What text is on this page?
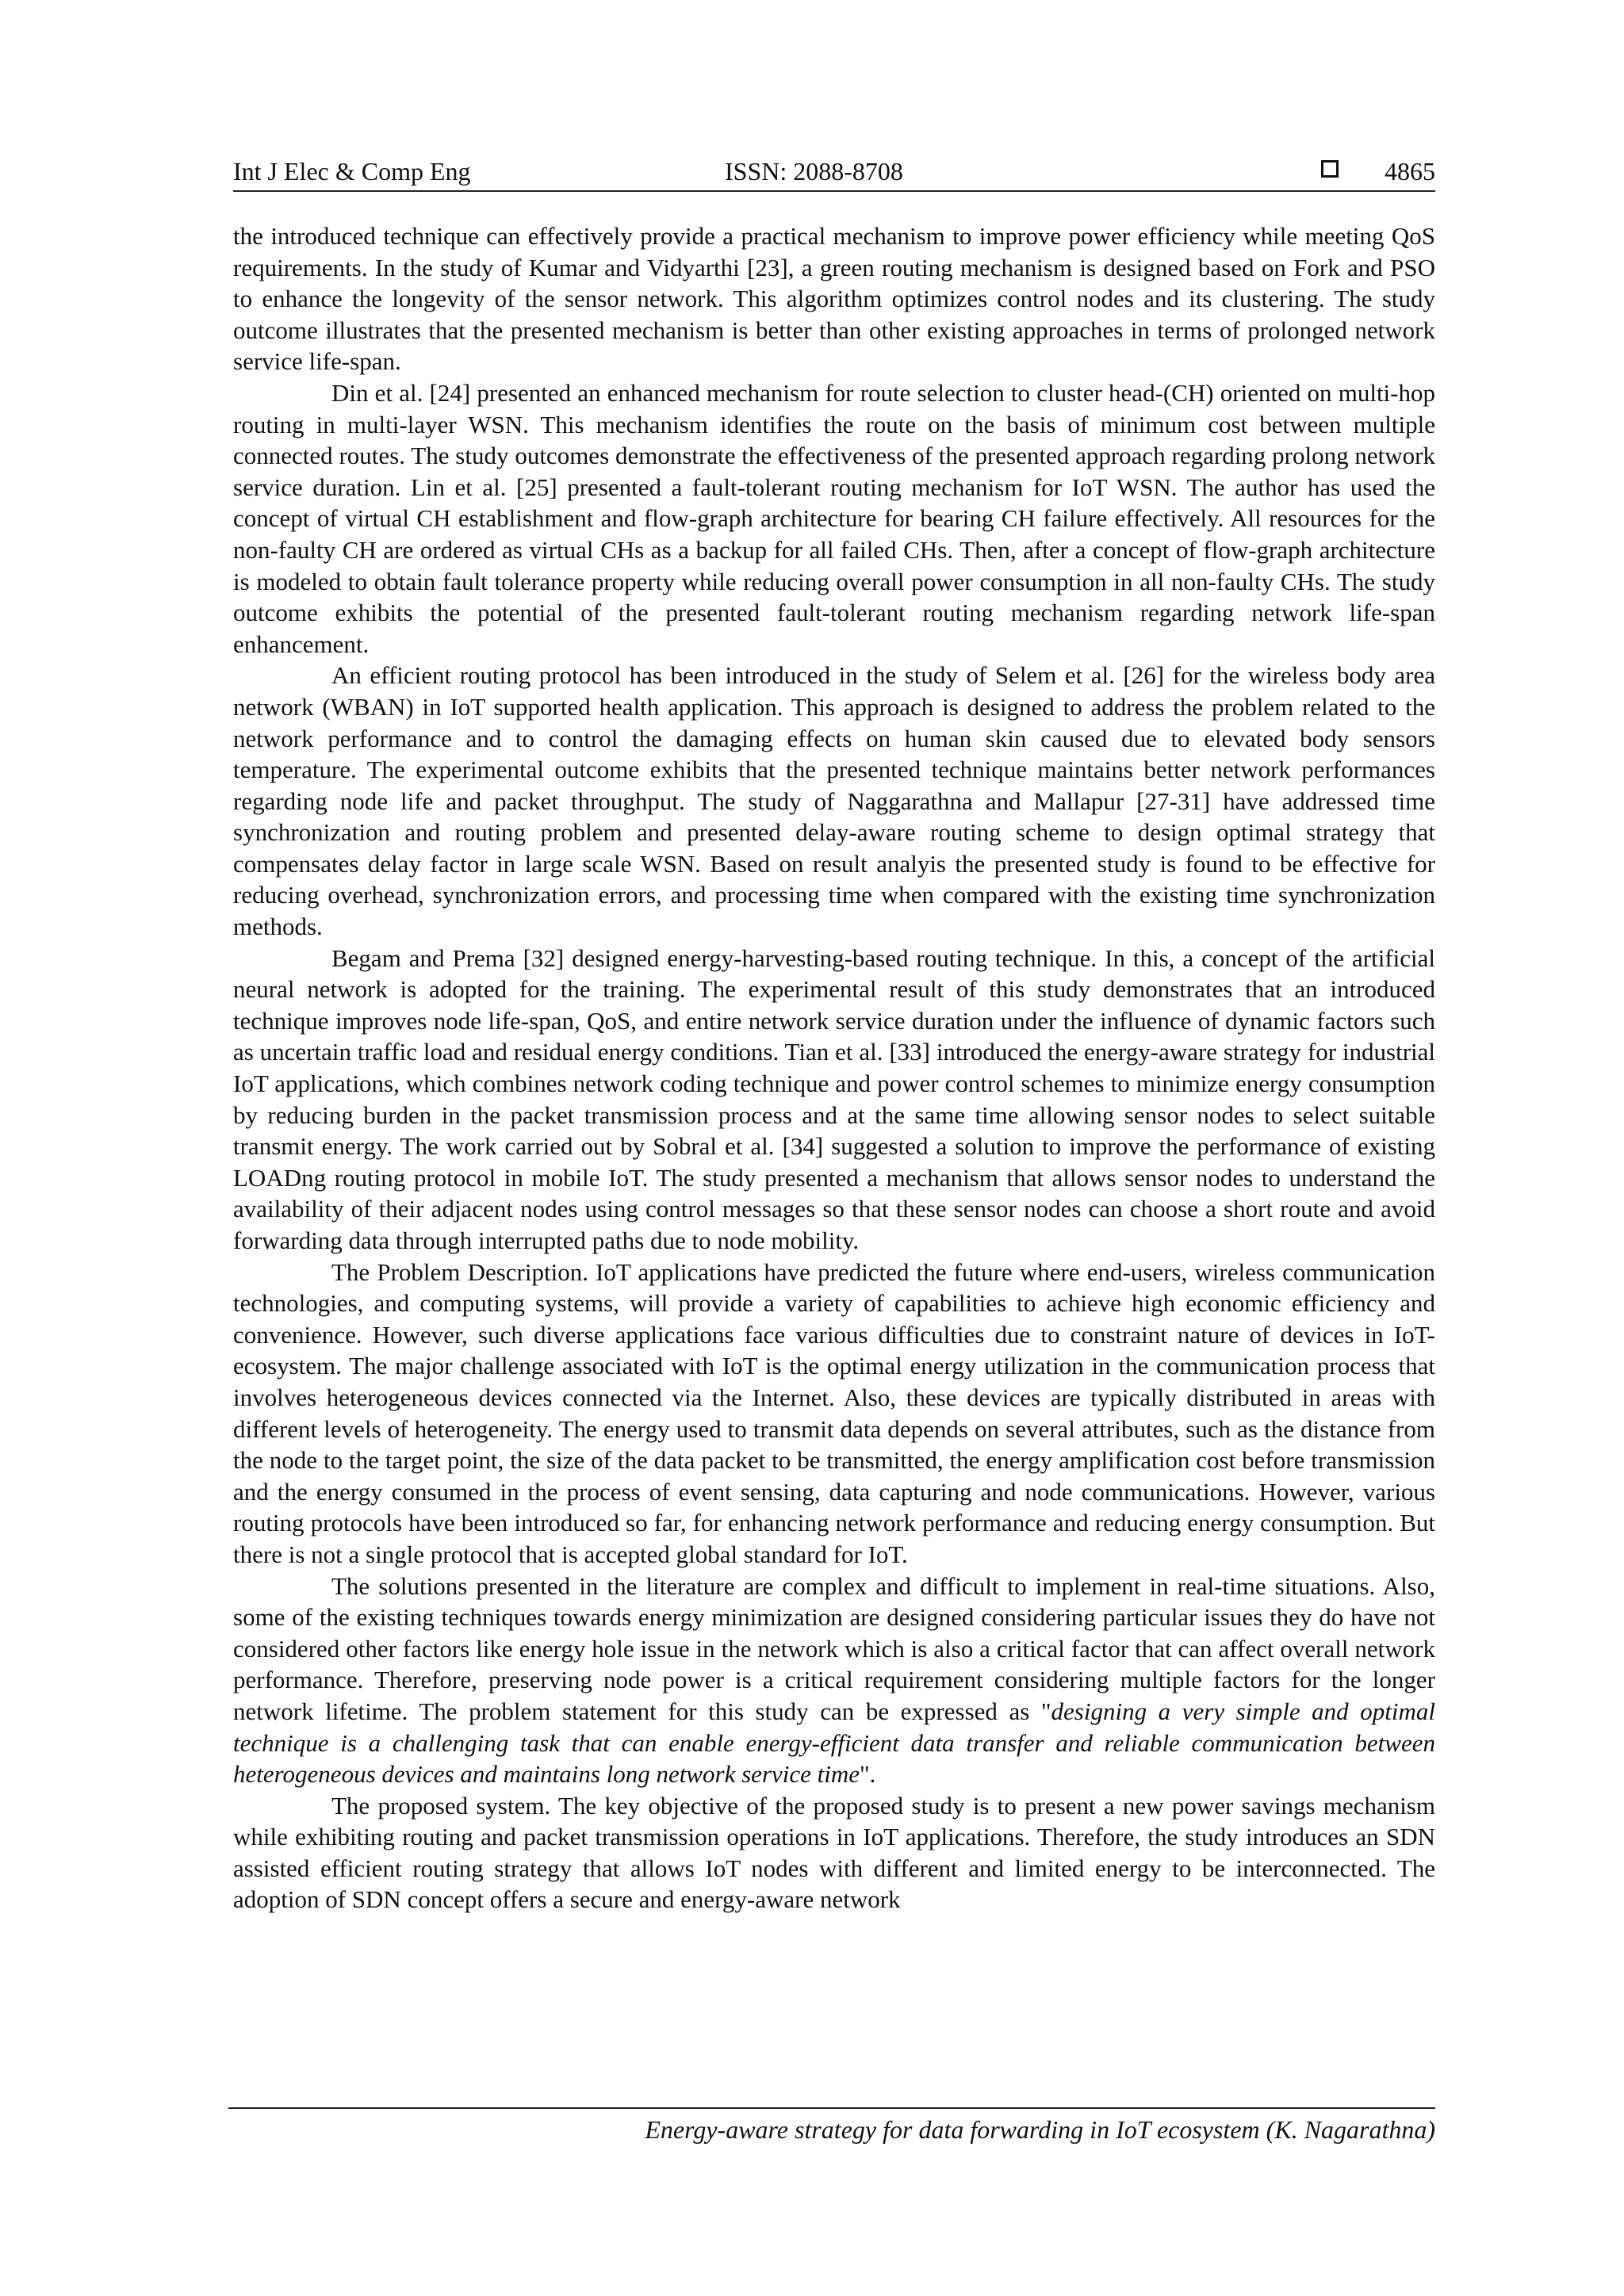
Int J Elec & Comp Eng	ISSN: 2088-8708	4865

the introduced technique can effectively provide a practical mechanism to improve power efficiency while meeting QoS requirements. In the study of Kumar and Vidyarthi [23], a green routing mechanism is designed based on Fork and PSO to enhance the longevity of the sensor network. This algorithm optimizes control nodes and its clustering. The study outcome illustrates that the presented mechanism is better than other existing approaches in terms of prolonged network service life-span.

Din et al. [24] presented an enhanced mechanism for route selection to cluster head-(CH) oriented on multi-hop routing in multi-layer WSN. This mechanism identifies the route on the basis of minimum cost between multiple connected routes. The study outcomes demonstrate the effectiveness of the presented approach regarding prolong network service duration. Lin et al. [25] presented a fault-tolerant routing mechanism for IoT WSN. The author has used the concept of virtual CH establishment and flow-graph architecture for bearing CH failure effectively. All resources for the non-faulty CH are ordered as virtual CHs as a backup for all failed CHs. Then, after a concept of flow-graph architecture is modeled to obtain fault tolerance property while reducing overall power consumption in all non-faulty CHs. The study outcome exhibits the potential of the presented fault-tolerant routing mechanism regarding network life-span enhancement.

An efficient routing protocol has been introduced in the study of Selem et al. [26] for the wireless body area network (WBAN) in IoT supported health application. This approach is designed to address the problem related to the network performance and to control the damaging effects on human skin caused due to elevated body sensors temperature. The experimental outcome exhibits that the presented technique maintains better network performances regarding node life and packet throughput. The study of Naggarathna and Mallapur [27-31] have addressed time synchronization and routing problem and presented delay-aware routing scheme to design optimal strategy that compensates delay factor in large scale WSN. Based on result analyis the presented study is found to be effective for reducing overhead, synchronization errors, and processing time when compared with the existing time synchronization methods.

Begam and Prema [32] designed energy-harvesting-based routing technique. In this, a concept of the artificial neural network is adopted for the training. The experimental result of this study demonstrates that an introduced technique improves node life-span, QoS, and entire network service duration under the influence of dynamic factors such as uncertain traffic load and residual energy conditions. Tian et al. [33] introduced the energy-aware strategy for industrial IoT applications, which combines network coding technique and power control schemes to minimize energy consumption by reducing burden in the packet transmission process and at the same time allowing sensor nodes to select suitable transmit energy. The work carried out by Sobral et al. [34] suggested a solution to improve the performance of existing LOADng routing protocol in mobile IoT. The study presented a mechanism that allows sensor nodes to understand the availability of their adjacent nodes using control messages so that these sensor nodes can choose a short route and avoid forwarding data through interrupted paths due to node mobility.

The Problem Description. IoT applications have predicted the future where end-users, wireless communication technologies, and computing systems, will provide a variety of capabilities to achieve high economic efficiency and convenience. However, such diverse applications face various difficulties due to constraint nature of devices in IoT-ecosystem. The major challenge associated with IoT is the optimal energy utilization in the communication process that involves heterogeneous devices connected via the Internet. Also, these devices are typically distributed in areas with different levels of heterogeneity. The energy used to transmit data depends on several attributes, such as the distance from the node to the target point, the size of the data packet to be transmitted, the energy amplification cost before transmission and the energy consumed in the process of event sensing, data capturing and node communications. However, various routing protocols have been introduced so far, for enhancing network performance and reducing energy consumption. But there is not a single protocol that is accepted global standard for IoT.

The solutions presented in the literature are complex and difficult to implement in real-time situations. Also, some of the existing techniques towards energy minimization are designed considering particular issues they do have not considered other factors like energy hole issue in the network which is also a critical factor that can affect overall network performance. Therefore, preserving node power is a critical requirement considering multiple factors for the longer network lifetime. The problem statement for this study can be expressed as "designing a very simple and optimal technique is a challenging task that can enable energy-efficient data transfer and reliable communication between heterogeneous devices and maintains long network service time".

The proposed system. The key objective of the proposed study is to present a new power savings mechanism while exhibiting routing and packet transmission operations in IoT applications. Therefore, the study introduces an SDN assisted efficient routing strategy that allows IoT nodes with different and limited energy to be interconnected. The adoption of SDN concept offers a secure and energy-aware network

Energy-aware strategy for data forwarding in IoT ecosystem (K. Nagarathna)
